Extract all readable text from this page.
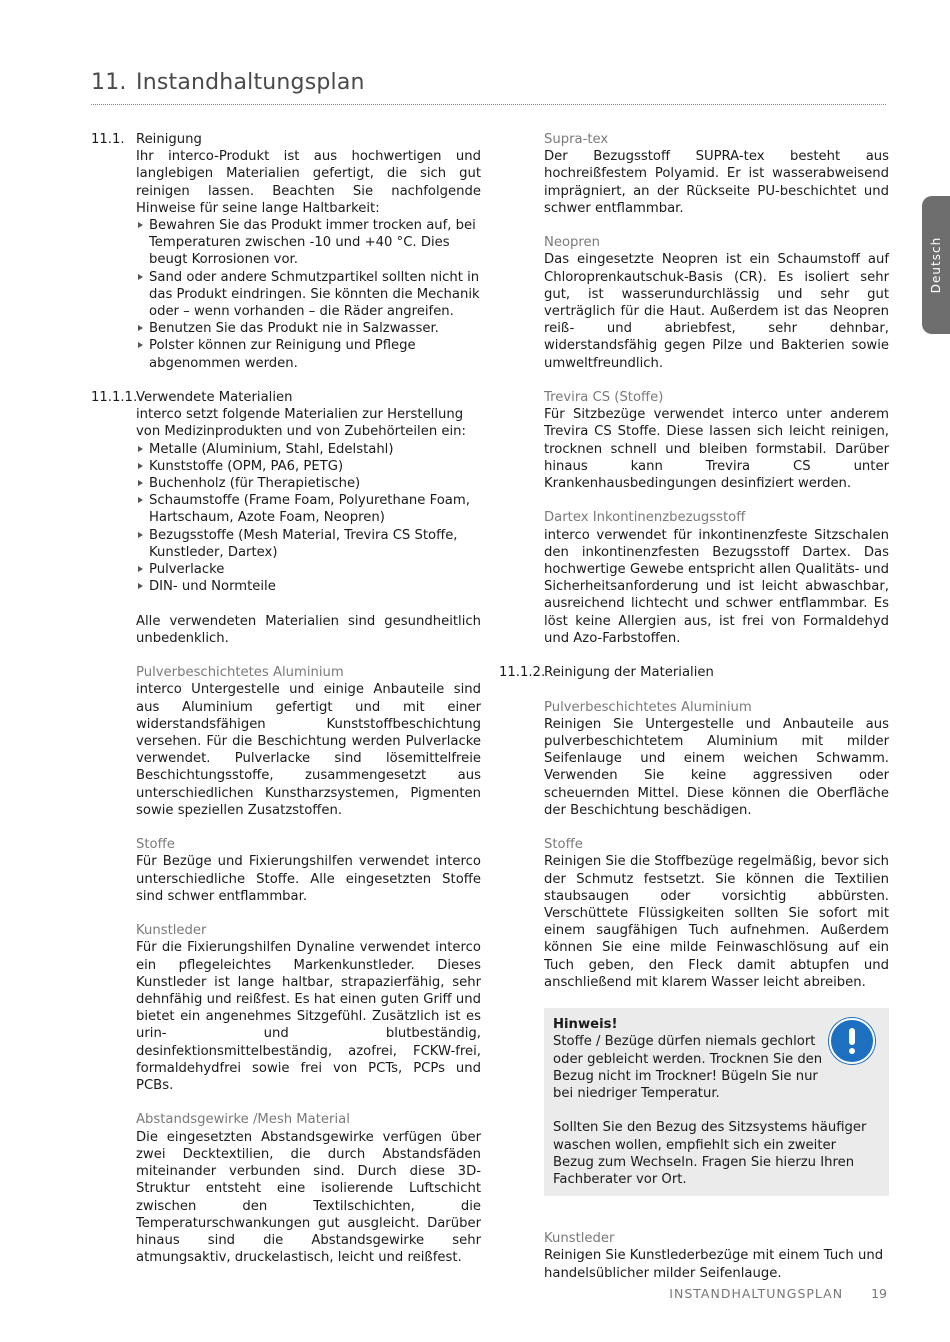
11. Instandhaltungsplan
Deutsch
11.1. Reinigung

Ihr interco-Produkt ist aus hochwertigen und langlebigen Materialien gefertigt, die sich gut reinigen lassen. Beachten Sie nachfolgende Hinweise für seine lange Haltbarkeit:

Bewahren Sie das Produkt immer trocken auf, bei Temperaturen zwischen -10 und +40 °C. Dies beugt Korrosionen vor.
Sand oder andere Schmutzpartikel sollten nicht in das Produkt eindringen. Sie könnten die Mechanik oder – wenn vorhanden – die Räder angreifen.
Benutzen Sie das Produkt nie in Salzwasser.
Polster können zur Reinigung und Pflege abgenommen werden.
11.1.1.
Verwendete Materialien

interco setzt folgende Materialien zur Herstellung von Medizinprodukten und von Zubehörteilen ein:

Metalle (Aluminium, Stahl, Edelstahl)
Kunststoffe (OPM, PA6, PETG)
Buchenholz (für Therapietische)
Schaumstoffe (Frame Foam, Polyurethane Foam, Hartschaum, Azote Foam, Neopren)
Bezugsstoffe (Mesh Material, Trevira CS Stoffe, Kunstleder, Dartex)
Pulverlacke
DIN- und Normteile

Alle verwendeten Materialien sind gesundheitlich unbedenklich.

Pulverbeschichtetes Aluminium

interco Untergestelle und einige Anbauteile sind aus Aluminium gefertigt und mit einer widerstandsfähigen Kunststoffbeschichtung versehen. Für die Beschichtung werden Pulverlacke verwendet. Pulverlacke sind lösemittelfreie Beschichtungsstoffe, zusammengesetzt aus unterschiedlichen Kunstharzsystemen, Pigmenten sowie speziellen Zusatzstoffen.

Stoffe

Für Bezüge und Fixierungshilfen verwendet interco unterschiedliche Stoffe. Alle eingesetzten Stoffe sind schwer entflammbar.

Kunstleder

Für die Fixierungshilfen Dynaline verwendet interco ein pflegeleichtes Markenkunstleder. Dieses Kunstleder ist lange haltbar, strapazierfähig, sehr dehnfähig und reißfest. Es hat einen guten Griff und bietet ein angenehmes Sitzgefühl. Zusätzlich ist es urin- und blutbeständig, desinfektionsmittelbeständig, azofrei, FCKW-frei, formaldehydfrei sowie frei von PCTs, PCPs und PCBs.

Abstandsgewirke /Mesh Material

Die eingesetzten Abstandsgewirke verfügen über zwei Decktextilien, die durch Abstandsfäden miteinander verbunden sind. Durch diese 3D-Struktur entsteht eine isolierende Luftschicht zwischen den Textilschichten, die Temperaturschwankungen gut ausgleicht. Darüber hinaus sind die Abstandsgewirke sehr atmungsaktiv, druckelastisch, leicht und reißfest.

Supra-tex

Der Bezugsstoff SUPRA-tex besteht aus hochreißfestem Polyamid. Er ist wasserabweisend imprägniert, an der Rückseite PU-beschichtet und schwer entflammbar.

Neopren

Das eingesetzte Neopren ist ein Schaumstoff auf Chloroprenkautschuk-Basis (CR). Es isoliert sehr gut, ist wasserundurchlässig und sehr gut verträglich für die Haut. Außerdem ist das Neopren reiß- und abriebfest, sehr dehnbar, widerstandsfähig gegen Pilze und Bakterien sowie umweltfreundlich.

Trevira CS (Stoffe)

Für Sitzbezüge verwendet interco unter anderem Trevira CS Stoffe. Diese lassen sich leicht reinigen, trocknen schnell und bleiben formstabil. Darüber hinaus kann Trevira CS unter Krankenhausbedingungen desinfiziert werden.

Dartex Inkontinenzbezugsstoff

interco verwendet für inkontinenzfeste Sitzschalen den inkontinenzfesten Bezugsstoff Dartex. Das hochwertige Gewebe entspricht allen Qualitäts- und Sicherheitsanforderung und ist leicht abwaschbar, ausreichend lichtecht und schwer entflammbar. Es löst keine Allergien aus, ist frei von Formaldehyd und Azo-Farbstoffen.

11.1.2.
Reinigung der Materialien

Pulverbeschichtetes Aluminium

Reinigen Sie Untergestelle und Anbauteile aus pulverbeschichtetem Aluminium mit milder Seifenlauge und einem weichen Schwamm. Verwenden Sie keine aggressiven oder scheuernden Mittel. Diese können die Oberfläche der Beschichtung beschädigen.

Stoffe

Reinigen Sie die Stoffbezüge regelmäßig, bevor sich der Schmutz festsetzt. Sie können die Textilien staubsaugen oder vorsichtig abbürsten. Verschüttete Flüssigkeiten sollten Sie sofort mit einem saugfähigen Tuch aufnehmen. Außerdem können Sie eine milde Feinwaschlösung auf ein Tuch geben, den Fleck damit abtupfen und anschließend mit klarem Wasser leicht abreiben.

Hinweis!

Stoffe / Bezüge dürfen niemals gechlort oder gebleicht werden. Trocknen Sie den Bezug nicht im Trockner! Bügeln Sie nur bei niedriger Temperatur.

Sollten Sie den Bezug des Sitzsystems häufiger waschen wollen, empfiehlt sich ein zweiter Bezug zum Wechseln. Fragen Sie hierzu Ihren Fachberater vor Ort.

Kunstleder

Reinigen Sie Kunstlederbezüge mit einem Tuch und handelsüblicher milder Seifenlauge.

INSTANDHALTUNGSPLAN 19
